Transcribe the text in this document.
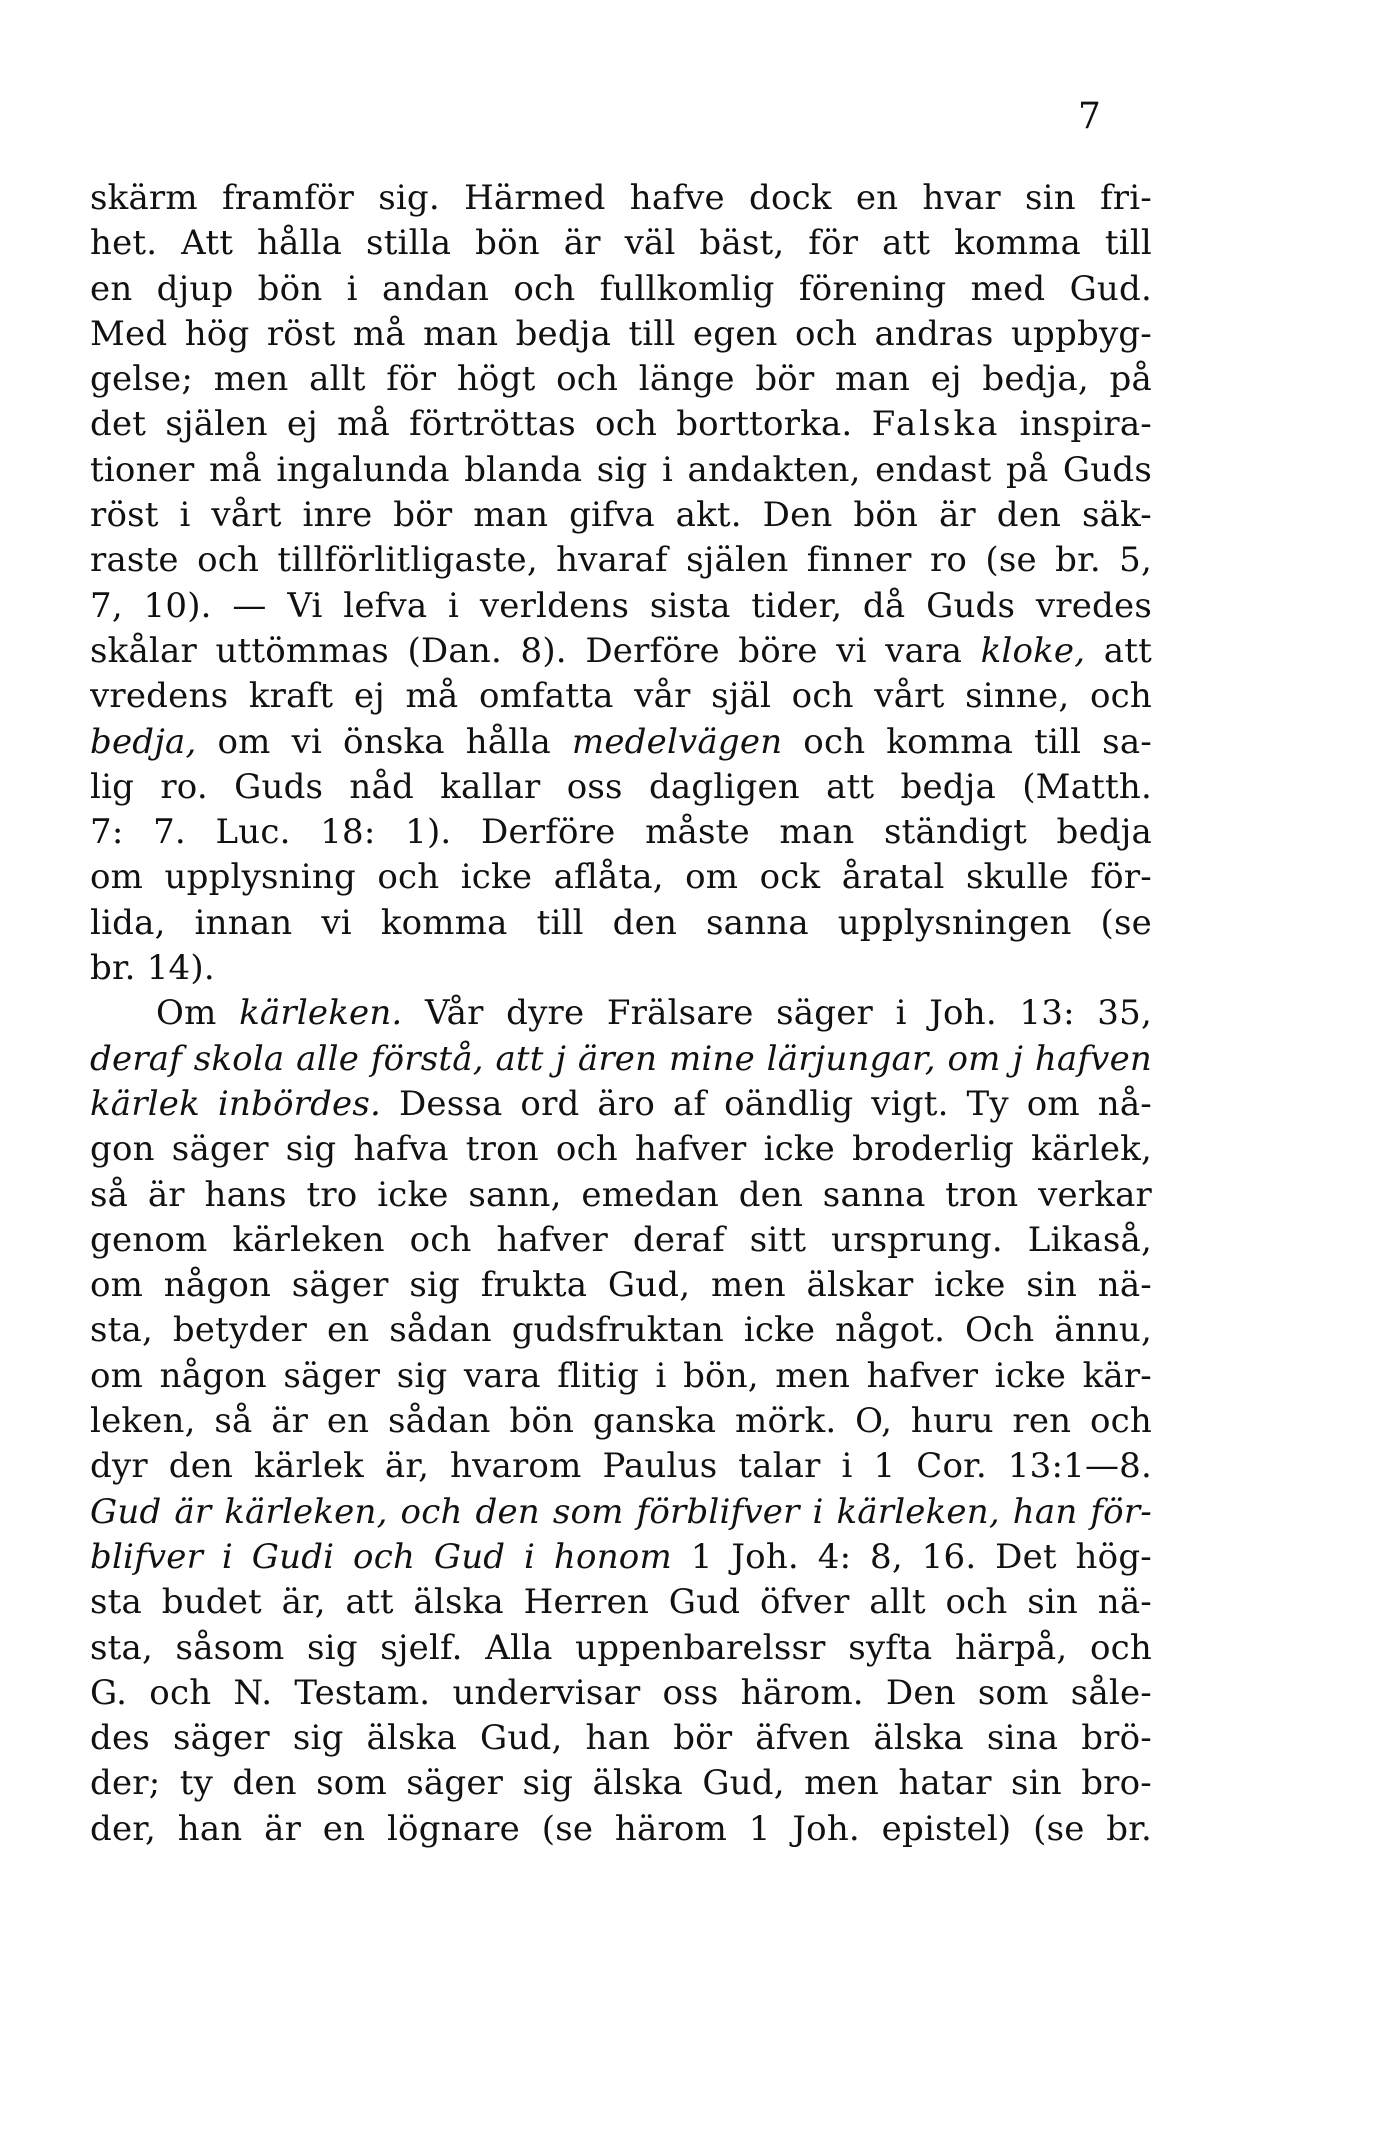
7
skärm framför sig. Härmed hafve dock en hvar sin fri-
het. Att hålla stilla bön är väl bäst, för att komma till
en djup bön i andan och fullkomlig förening med Gud.
Med hög röst må man bedja till egen och andras uppbyg-
gelse; men allt för högt och länge bör man ej bedja, på
det själen ej må förtröttas och borttorka. Falska inspira-
tioner må ingalunda blanda sig i andakten, endast på Guds
röst i vårt inre bör man gifva akt. Den bön är den säk-
raste och tillförlitligaste, hvaraf själen finner ro (se br. 5,
7, 10). — Vi lefva i verldens sista tider, då Guds vredes
skålar uttömmas (Dan. 8). Derföre böre vi vara kloke, att
vredens kraft ej må omfatta vår själ och vårt sinne, och
bedja, om vi önska hålla medelvägen och komma till sa-
lig ro. Guds nåd kallar oss dagligen att bedja (Matth.
7: 7. Luc. 18: 1). Derföre måste man ständigt bedja
om upplysning och icke aflåta, om ock åratal skulle för-
lida, innan vi komma till den sanna upplysningen (se
br. 14).
Om kärleken. Vår dyre Frälsare säger i Joh. 13: 35,
deraf skola alle förstå, att j ären mine lärjungar, om j hafven
kärlek inbördes. Dessa ord äro af oändlig vigt. Ty om nå-
gon säger sig hafva tron och hafver icke broderlig kärlek,
så är hans tro icke sann, emedan den sanna tron verkar
genom kärleken och hafver deraf sitt ursprung. Likaså,
om någon säger sig frukta Gud, men älskar icke sin nä-
sta, betyder en sådan gudsfruktan icke något. Och ännu,
om någon säger sig vara flitig i bön, men hafver icke kär-
leken, så är en sådan bön ganska mörk. O, huru ren och
dyr den kärlek är, hvarom Paulus talar i 1 Cor. 13:1—8.
Gud är kärleken, och den som förblifver i kärleken, han för-
blifver i Gudi och Gud i honom 1 Joh. 4: 8, 16. Det hög-
sta budet är, att älska Herren Gud öfver allt och sin nä-
sta, såsom sig sjelf. Alla uppenbarelssr syfta härpå, och
G. och N. Testam. undervisar oss härom. Den som såle-
des säger sig älska Gud, han bör äfven älska sina brö-
der; ty den som säger sig älska Gud, men hatar sin bro-
der, han är en lögnare (se härom 1 Joh. epistel) (se br.
